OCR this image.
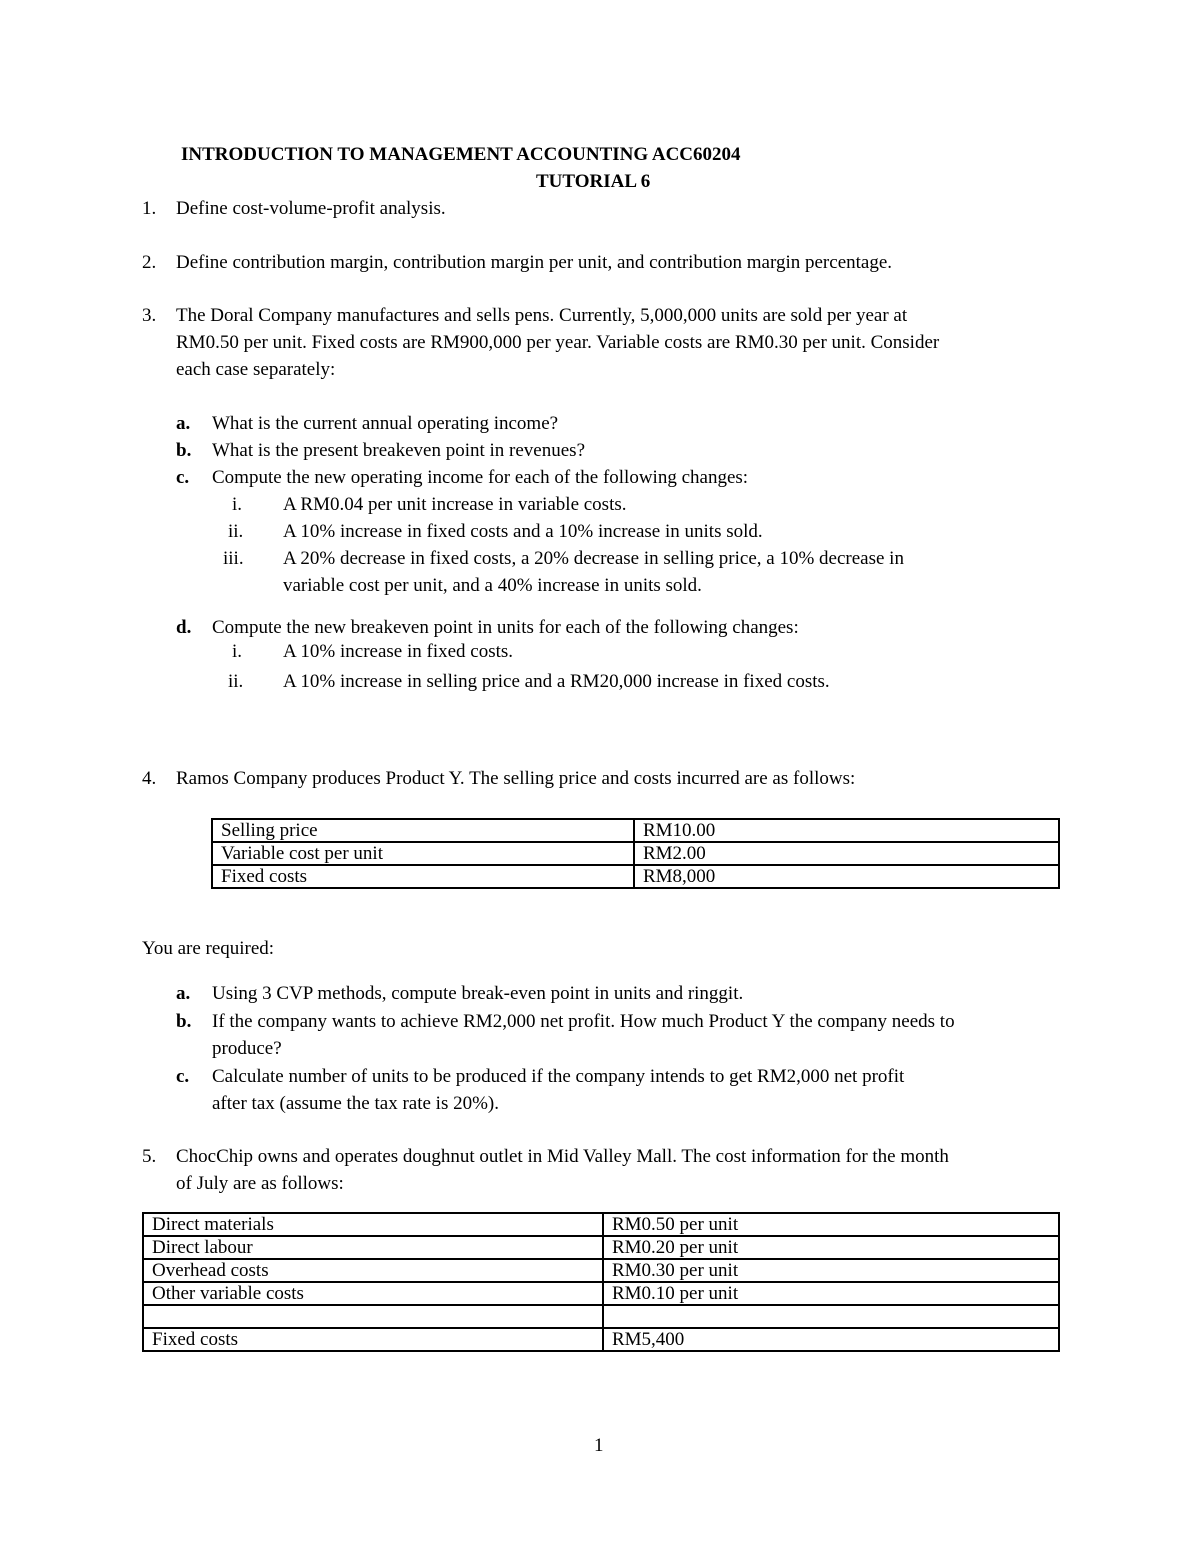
INTRODUCTION TO MANAGEMENT ACCOUNTING ACC60204
TUTORIAL 6
1. Define cost-volume-profit analysis.
2. Define contribution margin, contribution margin per unit, and contribution margin percentage.
3. The Doral Company manufactures and sells pens. Currently, 5,000,000 units are sold per year at
RM0.50 per unit. Fixed costs are RM900,000 per year. Variable costs are RM0.30 per unit. Consider
each case separately:
a. What is the current annual operating income?
b. What is the present breakeven point in revenues?
c. Compute the new operating income for each of the following changes:
i. A RM0.04 per unit increase in variable costs.
ii. A 10% increase in fixed costs and a 10% increase in units sold.
iii. A 20% decrease in fixed costs, a 20% decrease in selling price, a 10% decrease in
variable cost per unit, and a 40% increase in units sold.
d. Compute the new breakeven point in units for each of the following changes:
i. A 10% increase in fixed costs.
ii. A 10% increase in selling price and a RM20,000 increase in fixed costs.
4. Ramos Company produces Product Y. The selling price and costs incurred are as follows:
Selling price	RM10.00
Variable cost per unit	RM2.00
Fixed costs	RM8,000
You are required:
a. Using 3 CVP methods, compute break-even point in units and ringgit.
b. If the company wants to achieve RM2,000 net profit. How much Product Y the company needs to
produce?
c. Calculate number of units to be produced if the company intends to get RM2,000 net profit
after tax (assume the tax rate is 20%).
5. ChocChip owns and operates doughnut outlet in Mid Valley Mall. The cost information for the month
of July are as follows:
Direct materials	RM0.50 per unit
Direct labour	RM0.20 per unit
Overhead costs	RM0.30 per unit
Other variable costs	RM0.10 per unit

Fixed costs	RM5,400
1
